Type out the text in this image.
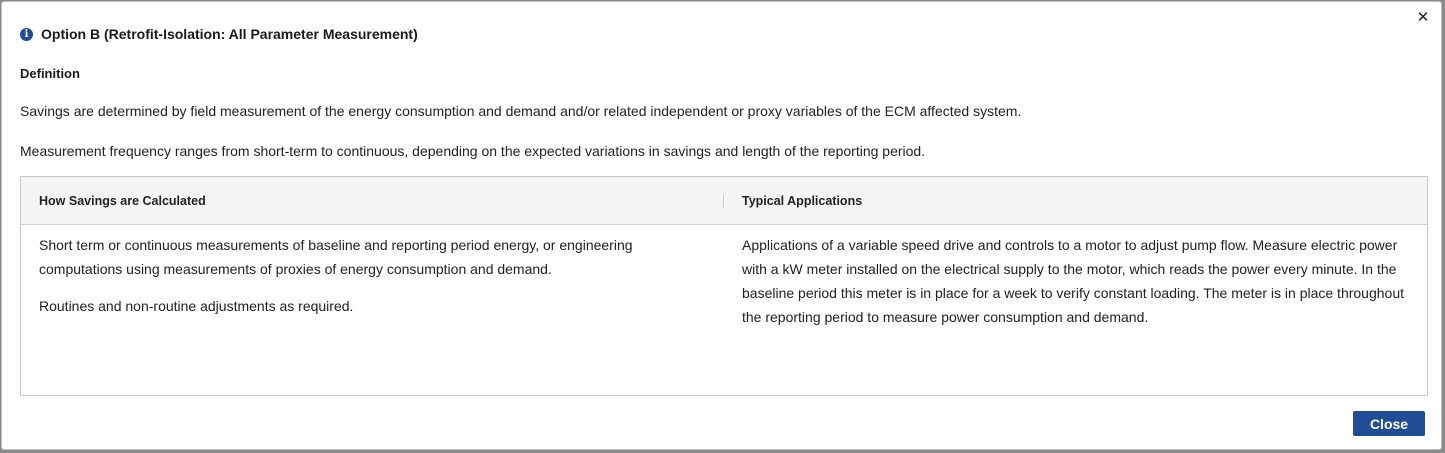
✕
i Option B (Retrofit-Isolation: All Parameter Measurement)
Definition
Savings are determined by field measurement of the energy consumption and demand and/or related independent or proxy variables of the ECM affected system.
Measurement frequency ranges from short-term to continuous, depending on the expected variations in savings and length of the reporting period.
How Savings are Calculated	Typical Applications

Short term or continuous measurements of baseline and reporting period energy, or engineering computations using measurements of proxies of energy consumption and demand.

Routines and non-routine adjustments as required.

Applications of a variable speed drive and controls to a motor to adjust pump flow. Measure electric power with a kW meter installed on the electrical supply to the motor, which reads the power every minute. In the baseline period this meter is in place for a week to verify constant loading. The meter is in place throughout the reporting period to measure power consumption and demand.

Close
